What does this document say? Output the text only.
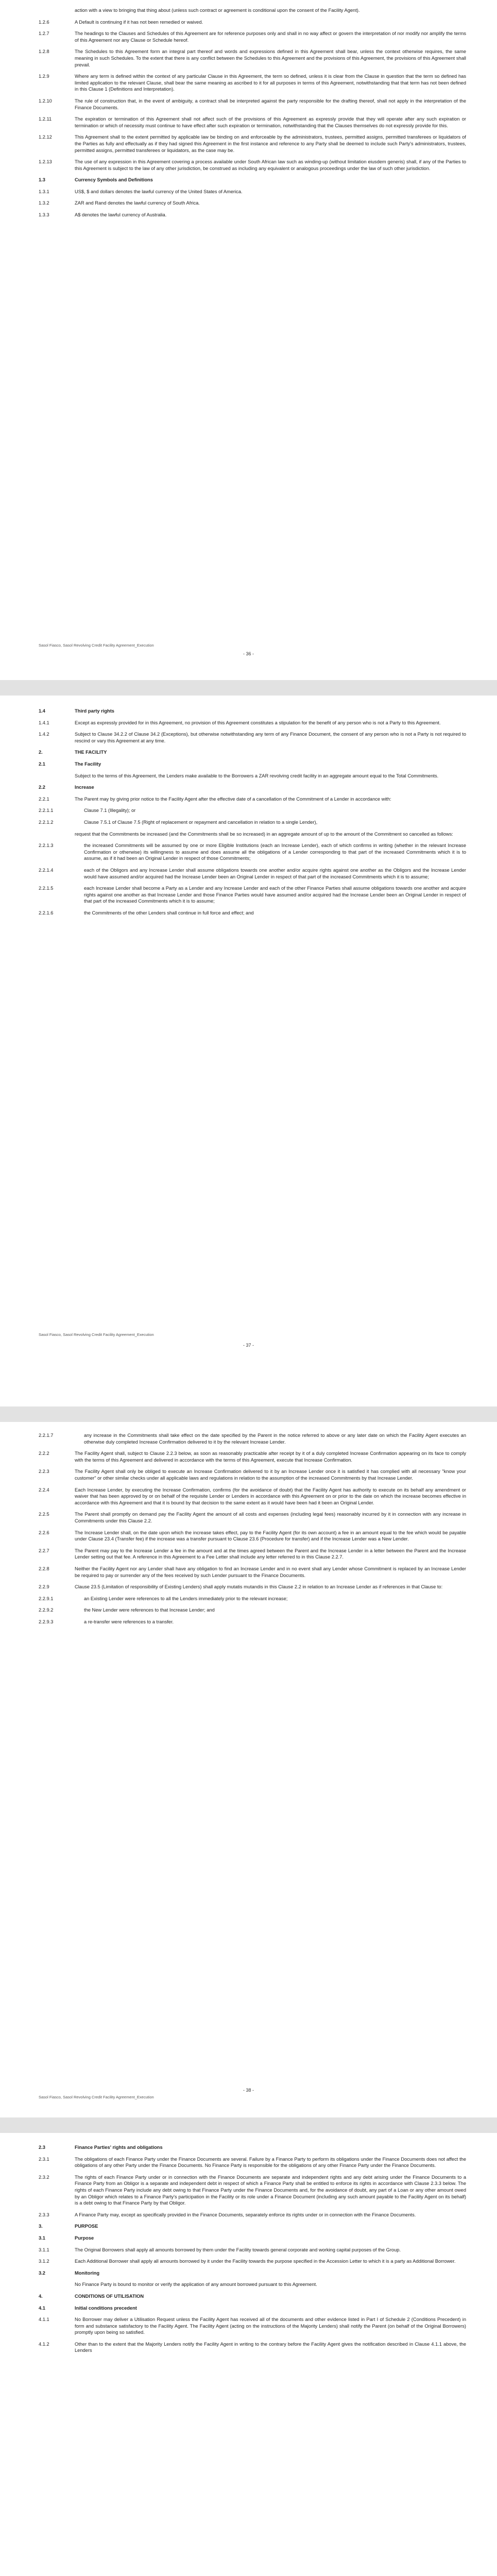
action with a view to bringing that thing about (unless such contract or agreement is conditional upon the consent of the Facility Agent).
1.2.6	A Default is continuing if it has not been remedied or waived.
1.2.7	The headings to the Clauses and Schedules of this Agreement are for reference purposes only and shall in no way affect or govern the interpretation of nor modify nor amplify the terms of this Agreement nor any Clause or Schedule hereof.
1.2.8	The Schedules to this Agreement form an integral part thereof and words and expressions defined in this Agreement shall bear, unless the context otherwise requires, the same meaning in such Schedules. To the extent that there is any conflict between the Schedules to this Agreement and the provisions of this Agreement, the provisions of this Agreement shall prevail.
1.2.9	Where any term is defined within the context of any particular Clause in this Agreement, the term so defined, unless it is clear from the Clause in question that the term so defined has limited application to the relevant Clause, shall bear the same meaning as ascribed to it for all purposes in terms of this Agreement, notwithstanding that that term has not been defined in this Clause 1 (Definitions and Interpretation).
1.2.10	The rule of construction that, in the event of ambiguity, a contract shall be interpreted against the party responsible for the drafting thereof, shall not apply in the interpretation of the Finance Documents.
1.2.11	The expiration or termination of this Agreement shall not affect such of the provisions of this Agreement as expressly provide that they will operate after any such expiration or termination or which of necessity must continue to have effect after such expiration or termination, notwithstanding that the Clauses themselves do not expressly provide for this.
1.2.12	This Agreement shall to the extent permitted by applicable law be binding on and enforceable by the administrators, trustees, permitted assigns, permitted transferees or liquidators of the Parties as fully and effectually as if they had signed this Agreement in the first instance and reference to any Party shall be deemed to include such Party's administrators, trustees, permitted assigns, permitted transferees or liquidators, as the case may be.
1.2.13	The use of any expression in this Agreement covering a process available under South African law such as winding-up (without limitation eiusdem generis) shall, if any of the Parties to this Agreement is subject to the law of any other jurisdiction, be construed as including any equivalent or analogous proceedings under the law of such other jurisdiction.
1.3	Currency Symbols and Definitions
1.3.1	US$, $ and dollars denotes the lawful currency of the United States of America.
1.3.2	ZAR and Rand denotes the lawful currency of South Africa.
1.3.3	A$ denotes the lawful currency of Australia.
Sasol Fiasco, Sasol Revolving Credit Facility Agreement_Execution
- 36 -
1.4	Third party rights
1.4.1	Except as expressly provided for in this Agreement, no provision of this Agreement constitutes a stipulation for the benefit of any person who is not a Party to this Agreement.
1.4.2	Subject to Clause 34.2.2 of Clause 34.2 (Exceptions), but otherwise notwithstanding any term of any Finance Document, the consent of any person who is not a Party is not required to rescind or vary this Agreement at any time.
2.	THE FACILITY
2.1	The Facility
Subject to the terms of this Agreement, the Lenders make available to the Borrowers a ZAR revolving credit facility in an aggregate amount equal to the Total Commitments.
2.2	Increase
2.2.1	The Parent may by giving prior notice to the Facility Agent after the effective date of a cancellation of the Commitment of a Lender in accordance with:
2.2.1.1	Clause 7.1 (Illegality); or
2.2.1.2	Clause 7.5.1 of Clause 7.5 (Right of replacement or repayment and cancellation in relation to a single Lender),
request that the Commitments be increased (and the Commitments shall be so increased) in an aggregate amount of up to the amount of the Commitment so cancelled as follows:
2.2.1.3	the increased Commitments will be assumed by one or more Eligible Institutions (each an Increase Lender), each of which confirms in writing (whether in the relevant Increase Confirmation or otherwise) its willingness to assume and does assume all the obligations of a Lender corresponding to that part of the increased Commitments which it is to assume, as if it had been an Original Lender in respect of those Commitments;
2.2.1.4	each of the Obligors and any Increase Lender shall assume obligations towards one another and/or acquire rights against one another as the Obligors and the Increase Lender would have assumed and/or acquired had the Increase Lender been an Original Lender in respect of that part of the increased Commitments which it is to assume;
2.2.1.5	each Increase Lender shall become a Party as a Lender and any Increase Lender and each of the other Finance Parties shall assume obligations towards one another and acquire rights against one another as that Increase Lender and those Finance Parties would have assumed and/or acquired had the Increase Lender been an Original Lender in respect of that part of the increased Commitments which it is to assume;
2.2.1.6	the Commitments of the other Lenders shall continue in full force and effect; and
Sasol Fiasco, Sasol Revolving Credit Facility Agreement_Execution
- 37 -
2.2.1.7	any increase in the Commitments shall take effect on the date specified by the Parent in the notice referred to above or any later date on which the Facility Agent executes an otherwise duly completed Increase Confirmation delivered to it by the relevant Increase Lender.
2.2.2	The Facility Agent shall, subject to Clause 2.2.3 below, as soon as reasonably practicable after receipt by it of a duly completed Increase Confirmation appearing on its face to comply with the terms of this Agreement and delivered in accordance with the terms of this Agreement, execute that Increase Confirmation.
2.2.3	The Facility Agent shall only be obliged to execute an Increase Confirmation delivered to it by an Increase Lender once it is satisfied it has complied with all necessary "know your customer" or other similar checks under all applicable laws and regulations in relation to the assumption of the increased Commitments by that Increase Lender.
2.2.4	Each Increase Lender, by executing the Increase Confirmation, confirms (for the avoidance of doubt) that the Facility Agent has authority to execute on its behalf any amendment or waiver that has been approved by or on behalf of the requisite Lender or Lenders in accordance with this Agreement on or prior to the date on which the increase becomes effective in accordance with this Agreement and that it is bound by that decision to the same extent as it would have been had it been an Original Lender.
2.2.5	The Parent shall promptly on demand pay the Facility Agent the amount of all costs and expenses (including legal fees) reasonably incurred by it in connection with any increase in Commitments under this Clause 2.2.
2.2.6	The Increase Lender shall, on the date upon which the increase takes effect, pay to the Facility Agent (for its own account) a fee in an amount equal to the fee which would be payable under Clause 23.4 (Transfer fee) if the increase was a transfer pursuant to Clause 23.6 (Procedure for transfer) and if the Increase Lender was a New Lender.
2.2.7	The Parent may pay to the Increase Lender a fee in the amount and at the times agreed between the Parent and the Increase Lender in a letter between the Parent and the Increase Lender setting out that fee. A reference in this Agreement to a Fee Letter shall include any letter referred to in this Clause 2.2.7.
2.2.8	Neither the Facility Agent nor any Lender shall have any obligation to find an Increase Lender and in no event shall any Lender whose Commitment is replaced by an Increase Lender be required to pay or surrender any of the fees received by such Lender pursuant to the Finance Documents.
2.2.9	Clause 23.5 (Limitation of responsibility of Existing Lenders) shall apply mutatis mutandis in this Clause 2.2 in relation to an Increase Lender as if references in that Clause to:
2.2.9.1	an Existing Lender were references to all the Lenders immediately prior to the relevant increase;
2.2.9.2	the New Lender were references to that Increase Lender; and
2.2.9.3	a re-transfer were references to a transfer.
Sasol Fiasco, Sasol Revolving Credit Facility Agreement_Execution
- 38 -
2.3	Finance Parties' rights and obligations
2.3.1	The obligations of each Finance Party under the Finance Documents are several. Failure by a Finance Party to perform its obligations under the Finance Documents does not affect the obligations of any other Party under the Finance Documents. No Finance Party is responsible for the obligations of any other Finance Party under the Finance Documents.
2.3.2	The rights of each Finance Party under or in connection with the Finance Documents are separate and independent rights and any debt arising under the Finance Documents to a Finance Party from an Obligor is a separate and independent debt in respect of which a Finance Party shall be entitled to enforce its rights in accordance with Clause 2.3.3 below. The rights of each Finance Party include any debt owing to that Finance Party under the Finance Documents and, for the avoidance of doubt, any part of a Loan or any other amount owed by an Obligor which relates to a Finance Party's participation in the Facility or its role under a Finance Document (including any such amount payable to the Facility Agent on its behalf) is a debt owing to that Finance Party by that Obligor.
2.3.3	A Finance Party may, except as specifically provided in the Finance Documents, separately enforce its rights under or in connection with the Finance Documents.
3.	PURPOSE
3.1	Purpose
3.1.1	The Original Borrowers shall apply all amounts borrowed by them under the Facility towards general corporate and working capital purposes of the Group.
3.1.2	Each Additional Borrower shall apply all amounts borrowed by it under the Facility towards the purpose specified in the Accession Letter to which it is a party as Additional Borrower.
3.2	Monitoring
No Finance Party is bound to monitor or verify the application of any amount borrowed pursuant to this Agreement.
4.	CONDITIONS OF UTILISATION
4.1	Initial conditions precedent
4.1.1	No Borrower may deliver a Utilisation Request unless the Facility Agent has received all of the documents and other evidence listed in Part I of Schedule 2 (Conditions Precedent) in form and substance satisfactory to the Facility Agent. The Facility Agent (acting on the instructions of the Majority Lenders) shall notify the Parent (on behalf of the Original Borrowers) promptly upon being so satisfied.
4.1.2	Other than to the extent that the Majority Lenders notify the Facility Agent in writing to the contrary before the Facility Agent gives the notification described in Clause 4.1.1 above, the Lenders
